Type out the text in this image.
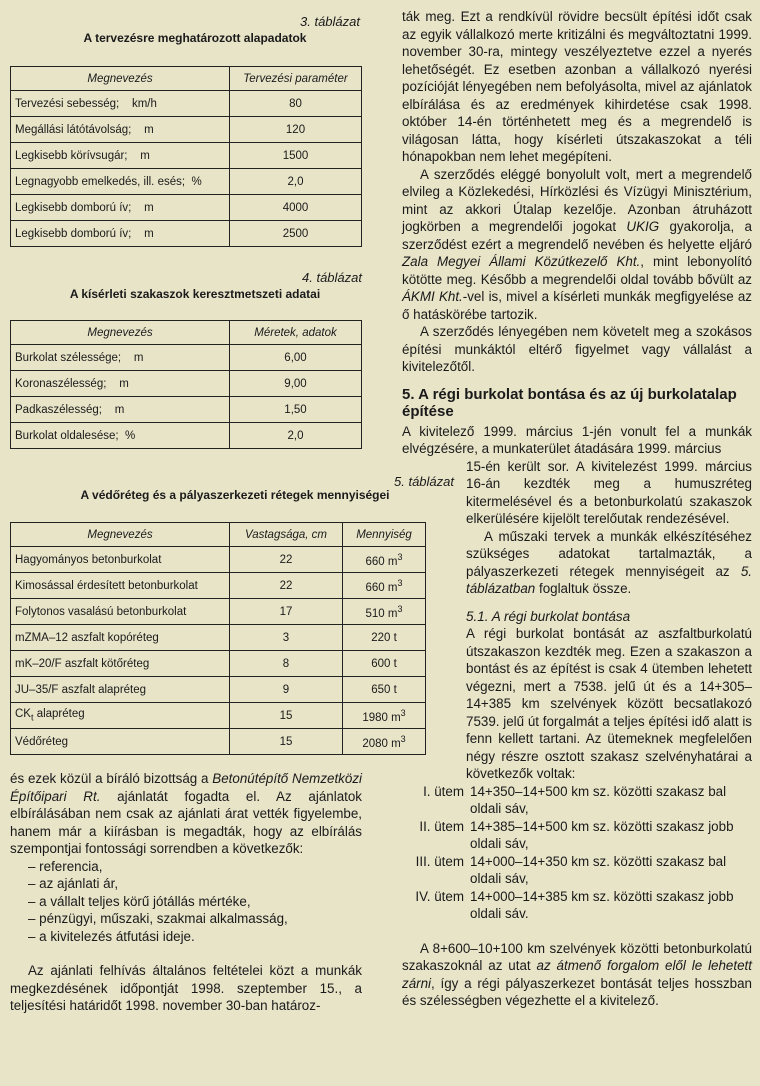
3. táblázat
A tervezésre meghatározott alapadatok
Megnevezés	Tervezési paraméter
Tervezési sebesség;    km/h	80
Megállási látótávolság;    m	120
Legkisebb körívsugár;    m	1500
Legnagyobb emelkedés, ill. esés;  %	2,0
Legkisebb domború ív;    m	4000
Legkisebb domború ív;    m	2500
4. táblázat
A kísérleti szakaszok keresztmetszeti adatai
Megnevezés	Méretek, adatok
Burkolat szélessége;    m	6,00
Koronaszélesség;    m	9,00
Padkaszélesség;    m	1,50
Burkolat oldalesése;  %	2,0
5. táblázat
A védőréteg és a pályaszerkezeti rétegek mennyiségei
Megnevezés	Vastagsága, cm	Mennyiség
Hagyományos betonburkolat	22	660 $m^3$
Kimosással érdesített betonburkolat	22	660 $m^3$
Folytonos vasalású betonburkolat	17	510 $m^3$
mZMA–12 aszfalt kopóréteg	3	220 t
mK–20/F aszfalt kötőréteg	8	600 t
JU–35/F aszfalt alapréteg	9	650 t
$CK_t$ alapréteg	15	1980 $m^3$
Védőréteg	15	2080 $m^3$

és ezek közül a bíráló bizottság a Betonútépítő Nemzetközi Építőipari Rt. ajánlatát fogadta el. Az ajánlatok elbírálásában nem csak az ajánlati árat vették figyelembe, hanem már a kiírásban is megadták, hogy az elbírálás szempontjai fontossági sorrendben a következők:

– referencia,
– az ajánlati ár,
– a vállalt teljes körű jótállás mértéke,
– pénzügyi, műszaki, szakmai alkalmasság,
– a kivitelezés átfutási ideje.

Az ajánlati felhívás általános feltételei közt a munkák megkezdésének időpontját 1998. szeptember 15., a teljesítési határidőt 1998. november 30-ban határoz-

ták meg. Ezt a rendkívül rövidre becsült építési időt csak az egyik vállalkozó merte kritizálni és megváltoztatni 1999. november 30-ra, mintegy veszélyeztetve ezzel a nyerés lehetőségét. Ez esetben azonban a vállalkozó nyerési pozícióját lényegében nem befolyásolta, mivel az ajánlatok elbírálása és az eredmények kihirdetése csak 1998. október 14-én történhetett meg és a megrendelő is világosan látta, hogy kísérleti útszakaszokat a téli hónapokban nem lehet megépíteni.

A szerződés eléggé bonyolult volt, mert a megrendelő elvileg a Közlekedési, Hírközlési és Vízügyi Minisztérium, mint az akkori Útalap kezelője. Azonban átruházott jogkörben a megrendelői jogokat UKIG gyakorolja, a szerződést ezért a megrendelő nevében és helyette eljáró Zala Megyei Állami Közútkezelő Kht., mint lebonyolító kötötte meg. Később a megrendelői oldal tovább bővült az ÁKMI Kht.-vel is, mivel a kísérleti munkák megfigyelése az ő hatáskörébe tartozik.

A szerződés lényegében nem követelt meg a szokásos építési munkáktól eltérő figyelmet vagy vállalást a kivitelezőtől.

5. A régi burkolat bontása és az új burkolatalap építése

A kivitelező 1999. március 1-jén vonult fel a munkák elvégzésére, a munkaterület átadására 1999. március

15-én került sor. A kivitelezést 1999. március 16-án kezdték meg a humuszréteg kitermelésével és a betonburkolatú szakaszok elkerülésére kijelölt terelőutak rendezésével.

A műszaki tervek a munkák elkészítéséhez szükséges adatokat tartalmazták, a pályaszerkezeti rétegek mennyiségeit az 5. táblázatban foglaltuk össze.

5.1. A régi burkolat bontása

A régi burkolat bontását az aszfaltburkolatú útszakaszon kezdték meg. Ezen a szakaszon a bontást és az építést is csak 4 ütemben lehetett végezni, mert a 7538. jelű út és a 14+305–14+385 km szelvények között becsatlakozó 7539. jelű út forgalmát a teljes építési idő alatt is fenn kellett tartani. Az ütemeknek megfelelően négy részre osztott szakasz szelvényhatárai a következők voltak:

I. ütem 14+350–14+500 km sz. közötti szakasz bal oldali sáv,
II. ütem 14+385–14+500 km sz. közötti szakasz jobb oldali sáv,
III. ütem 14+000–14+350 km sz. közötti szakasz bal oldali sáv,
IV. ütem 14+000–14+385 km sz. közötti szakasz jobb oldali sáv.

A 8+600–10+100 km szelvények közötti betonburkolatú szakaszoknál az utat az átmenő forgalom elől le lehetett zárni, így a régi pályaszerkezet bontását teljes hosszban és szélességben végezhette el a kivitelező.
